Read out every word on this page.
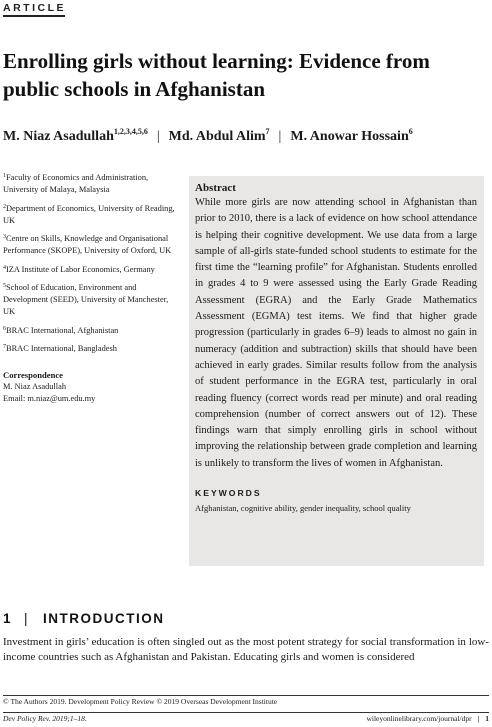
ARTICLE
Enrolling girls without learning: Evidence from public schools in Afghanistan
M. Niaz Asadullah$^{1,2,3,4,5,6}$ | Md. Abdul Alim$^7$ | M. Anowar Hossain$^6$
$^1$Faculty of Economics and Administration, University of Malaya, Malaysia
$^2$Department of Economics, University of Reading, UK
$^3$Centre on Skills, Knowledge and Organisational Performance (SKOPE), University of Oxford, UK
$^4$IZA Institute of Labor Economics, Germany
$^5$School of Education, Environment and Development (SEED), University of Manchester, UK
$^6$BRAC International, Afghanistan
$^7$BRAC International, Bangladesh
Correspondence
M. Niaz Asadullah
Email: m.niaz@um.edu.my
Abstract

While more girls are now attending school in Afghanistan than prior to 2010, there is a lack of evidence on how school attendance is helping their cognitive development. We use data from a large sample of all-girls state-funded school students to estimate for the first time the “learning profile” for Afghanistan. Students enrolled in grades 4 to 9 were assessed using the Early Grade Reading Assessment (EGRA) and the Early Grade Mathematics Assessment (EGMA) test items. We find that higher grade progression (particularly in grades 6–9) leads to almost no gain in numeracy (addition and subtraction) skills that should have been achieved in early grades. Similar results follow from the analysis of student performance in the EGRA test, particularly in oral reading fluency (correct words read per minute) and oral reading comprehension (number of correct answers out of 12). These findings warn that simply enrolling girls in school without improving the relationship between grade completion and learning is unlikely to transform the lives of women in Afghanistan.

KEYWORDS
Afghanistan, cognitive ability, gender inequality, school quality
1 | INTRODUCTION

Investment in girls’ education is often singled out as the most potent strategy for social transformation in low-income countries such as Afghanistan and Pakistan. Educating girls and women is considered

© The Authors 2019. Development Policy Review © 2019 Overseas Development Institute
Dev Policy Rev. 2019;1–18.	wileyonlinelibrary.com/journal/dpr | 1
